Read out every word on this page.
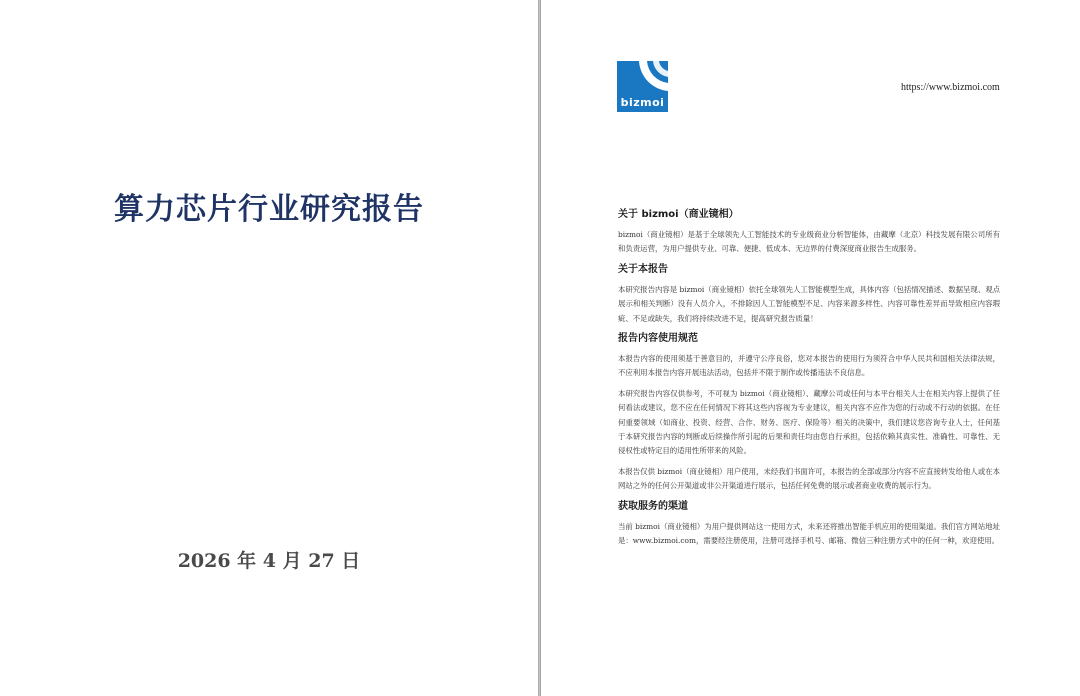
算力芯片行业研究报告
2026 年 4 月 27 日
bizmoi
https://www.bizmoi.com
关于 bizmoi（商业镜相）

bizmoi（商业镜相）是基于全球领先人工智能技术的专业级商业分析智能体，由藏摩（北京）科技发展有限公司所有和负责运营，为用户提供专业、可靠、便捷、低成本、无边界的付费深度商业报告生成服务。

关于本报告

本研究报告内容是 bizmoi（商业镜相）依托全球领先人工智能模型生成，具体内容（包括情况描述、数据呈现、观点展示和相关判断）没有人员介入，不排除因人工智能模型不足、内容来源多样性、内容可靠性差异而导致相应内容瑕疵、不足或缺失，我们将持续改进不足，提高研究报告质量！

报告内容使用规范

本报告内容的使用须基于善意目的，并遵守公序良俗，您对本报告的使用行为须符合中华人民共和国相关法律法规，不应利用本报告内容开展违法活动，包括并不限于制作或传播违法不良信息。

本研究报告内容仅供参考，不可视为 bizmoi（商业镜相）、藏摩公司或任何与本平台相关人士在相关内容上提供了任何看法或建议，您不应在任何情况下将其这些内容视为专业建议，相关内容不应作为您的行动或不行动的依据。在任何重要领域（如商业、投资、经营、合作、财务、医疗、保险等）相关的决策中，我们建议您咨询专业人士，任何基于本研究报告内容的判断或后续操作所引起的后果和责任均由您自行承担，包括依赖其真实性、准确性、可靠性、无侵权性或特定目的适用性所带来的风险。

本报告仅供 bizmoi（商业镜相）用户使用，未经我们书面许可，本报告的全部或部分内容不应直接转发给他人或在本网站之外的任何公开渠道或非公开渠道进行展示，包括任何免费的展示或者商业收费的展示行为。

获取服务的渠道

当前 bizmoi（商业镜相）为用户提供网站这一使用方式，未来还将推出智能手机应用的使用渠道。我们官方网站地址是：www.bizmoi.com，需要经注册使用，注册可选择手机号、邮箱、微信三种注册方式中的任何一种，欢迎使用。
